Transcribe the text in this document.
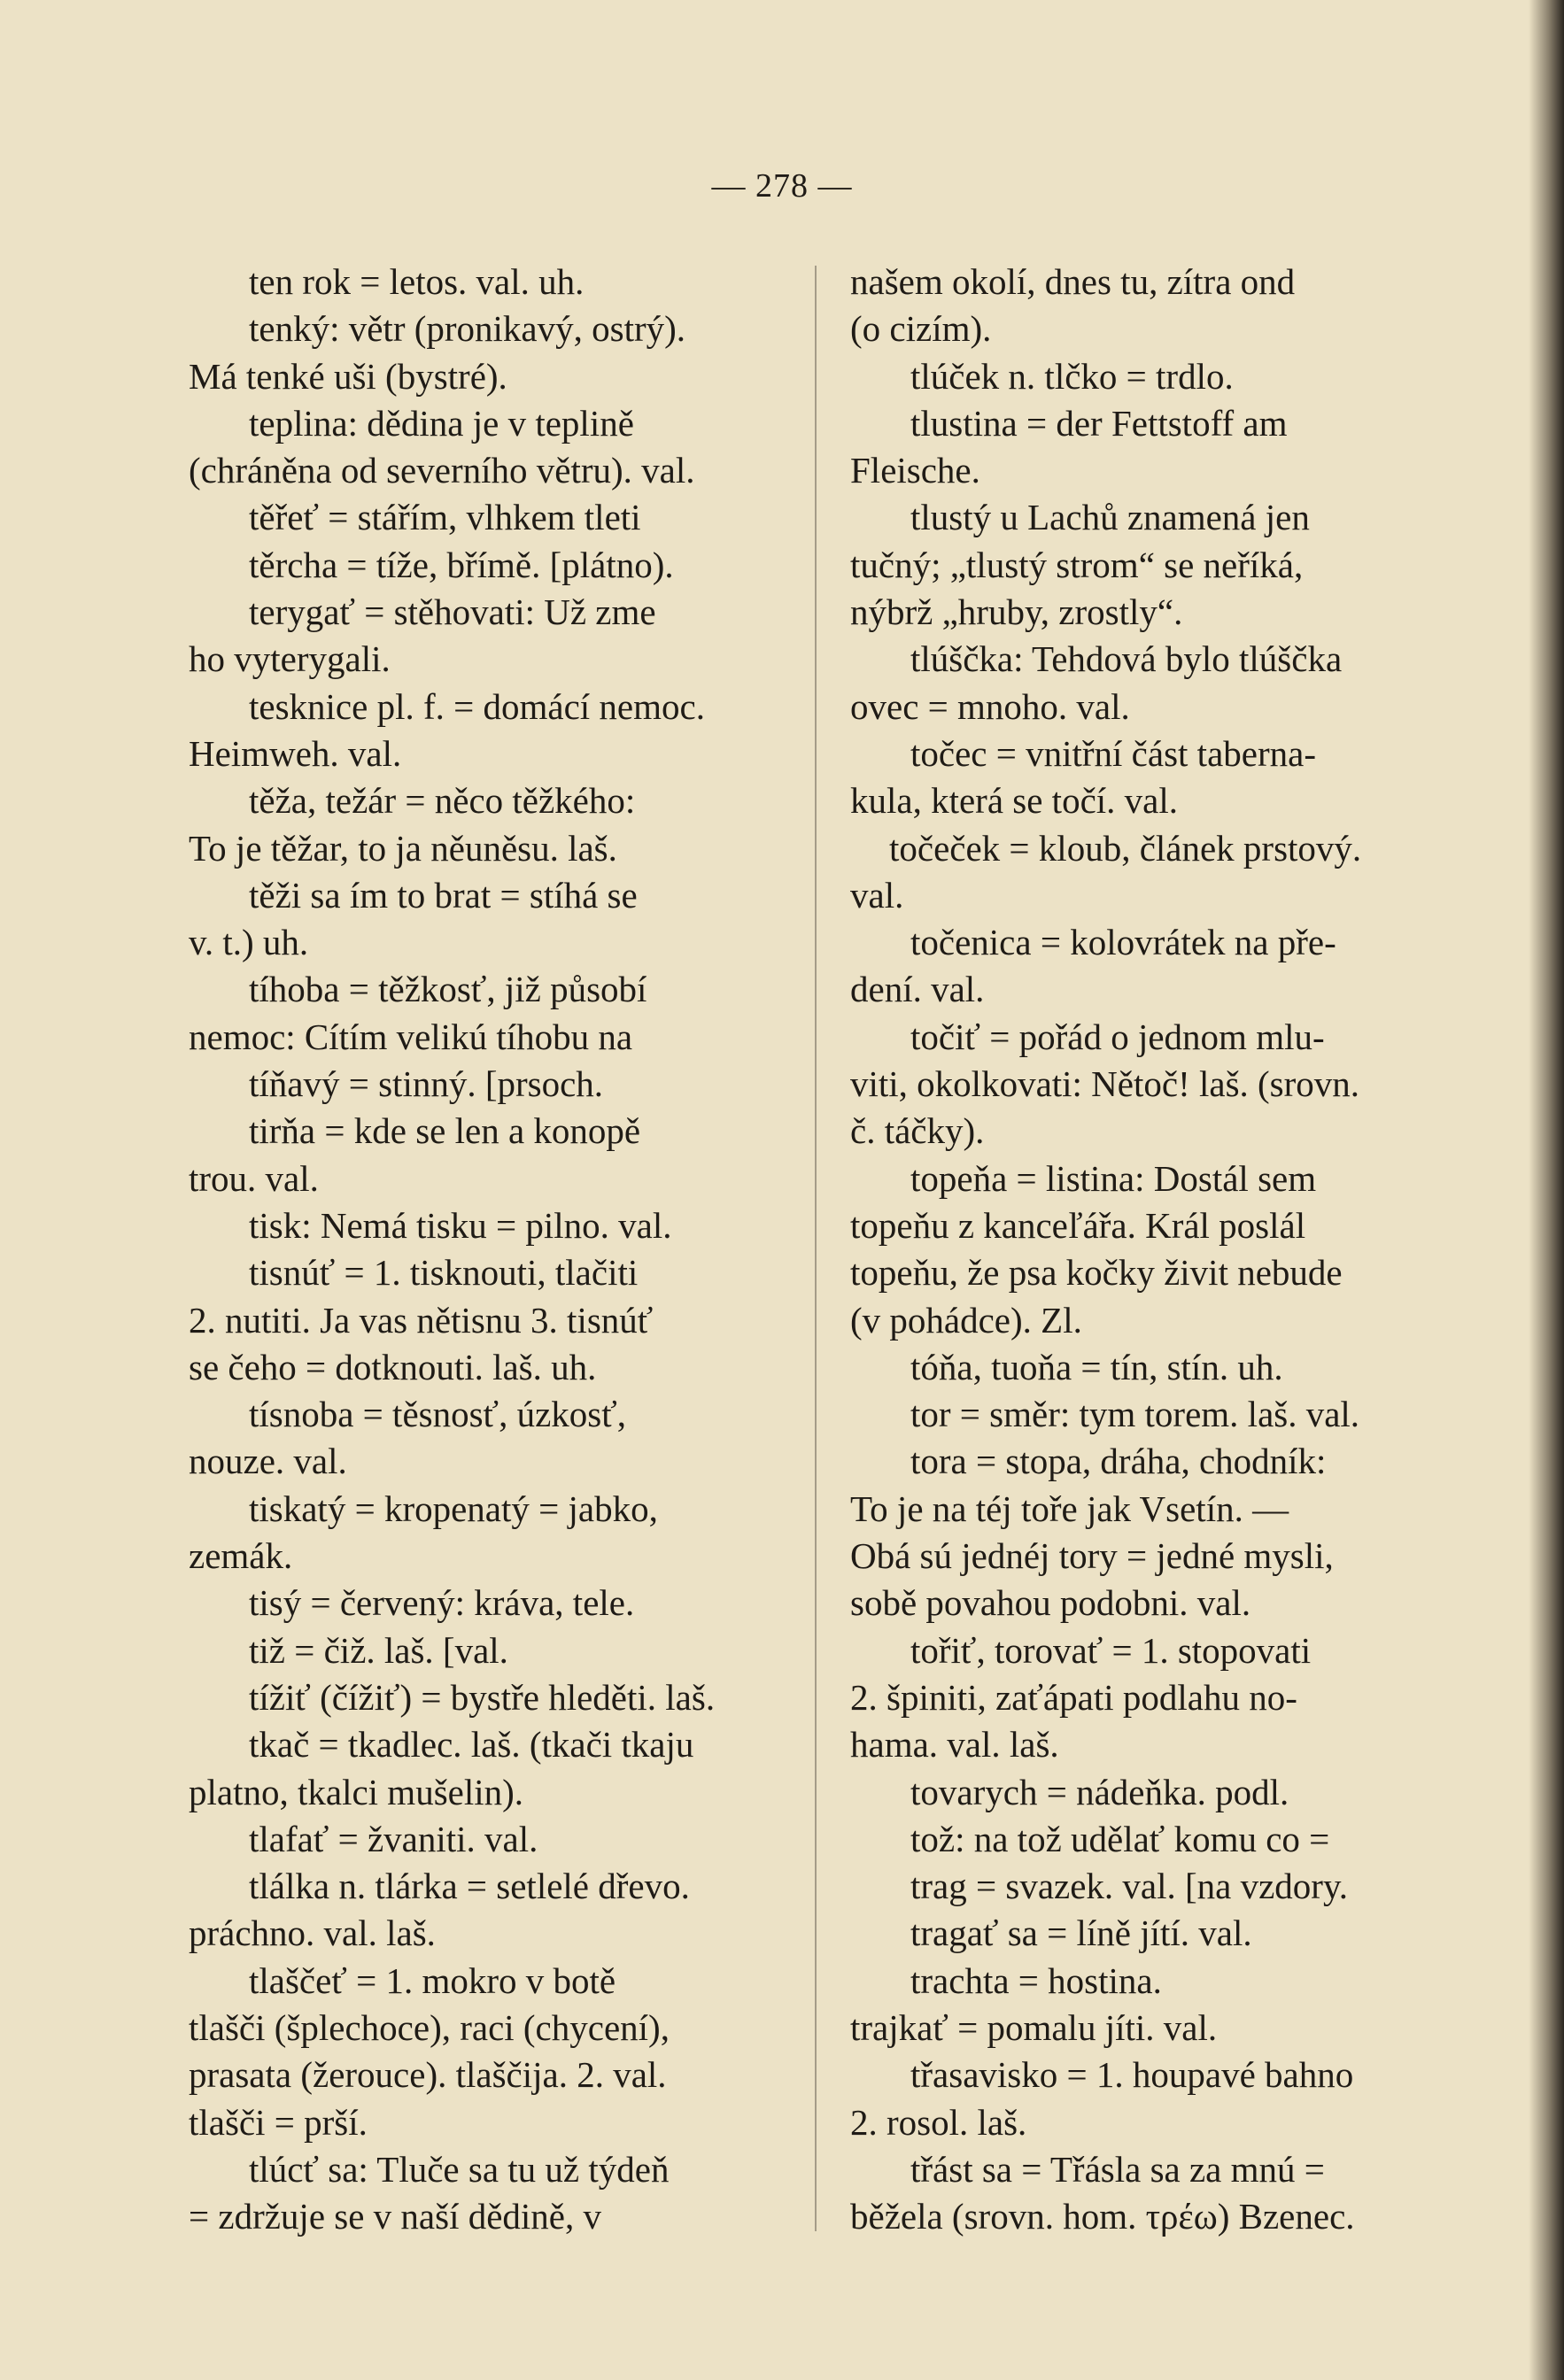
— 278 —
ten rok = letos. val. uh.
tenký: větr (pronikavý, ostrý).
Má tenké uši (bystré).
teplina: dědina je v teplině
(chráněna od severního větru). val.
těřeť = stářím, vlhkem tleti
těrcha = tíže, břímě. [plátno).
terygať = stěhovati: Už zme
ho vyterygali.
tesknice pl. f. = domácí nemoc.
Heimweh. val.
těža, težár = něco těžkého:
To je těžar, to ja něuněsu. laš.
těži sa ím to brat = stíhá se
v. t.) uh.
tíhoba = těžkosť, již působí
nemoc: Cítím velikú tíhobu na
tíňavý = stinný. [prsoch.
tirňa = kde se len a konopě
trou. val.
tisk: Nemá tisku = pilno. val.
tisnúť = 1. tisknouti, tlačiti
2. nutiti. Ja vas nětisnu 3. tisnúť
se čeho = dotknouti. laš. uh.
tísnoba = těsnosť, úzkosť,
nouze. val.
tiskatý = kropenatý = jabko,
zemák.
tisý = červený: kráva, tele.
tiž = čiž. laš. [val.
tížiť (čížiť) = bystře hleděti. laš.
tkač = tkadlec. laš. (tkači tkaju
platno, tkalci mušelin).
tlafať = žvaniti. val.
tlálka n. tlárka = setlelé dřevo.
práchno. val. laš.
tlaščeť = 1. mokro v botě
tlašči (šplechoce), raci (chycení),
prasata (žerouce). tlaščija. 2. val.
tlašči = prší.
tlúcť sa: Tluče sa tu už týdeň
= zdržuje se v naší dědině, v
našem okolí, dnes tu, zítra ond
(o cizím).
tlúček n. tlčko = trdlo.
tlustina = der Fettstoff am
Fleische.
tlustý u Lachů znamená jen
tučný; „tlustý strom“ se neříká,
nýbrž „hruby, zrostly“.
tlúščka: Tehdová bylo tlúščka
ovec = mnoho. val.
točec = vnitřní část taberna-
kula, která se točí. val.
točeček = kloub, článek prstový.
val.
točenica = kolovrátek na pře-
dení. val.
točiť = pořád o jednom mlu-
viti, okolkovati: Nětoč! laš. (srovn.
č. táčky).
topeňa = listina: Dostál sem
topeňu z kanceľářa. Král poslál
topeňu, že psa kočky živit nebude
(v pohádce). Zl.
tóňa, tuoňa = tín, stín. uh.
tor = směr: tym torem. laš. val.
tora = stopa, dráha, chodník:
To je na téj toře jak Vsetín. —
Obá sú jednéj tory = jedné mysli,
sobě povahou podobni. val.
tořiť, torovať = 1. stopovati
2. špiniti, zaťápati podlahu no-
hama. val. laš.
tovarych = nádeňka. podl.
tož: na tož udělať komu co =
trag = svazek. val. [na vzdory.
tragať sa = líně jítí. val.
trachta = hostina.
trajkať = pomalu jíti. val.
třasavisko = 1. houpavé bahno
2. rosol. laš.
třást sa = Třásla sa za mnú =
běžela (srovn. hom. τρέω) Bzenec.
